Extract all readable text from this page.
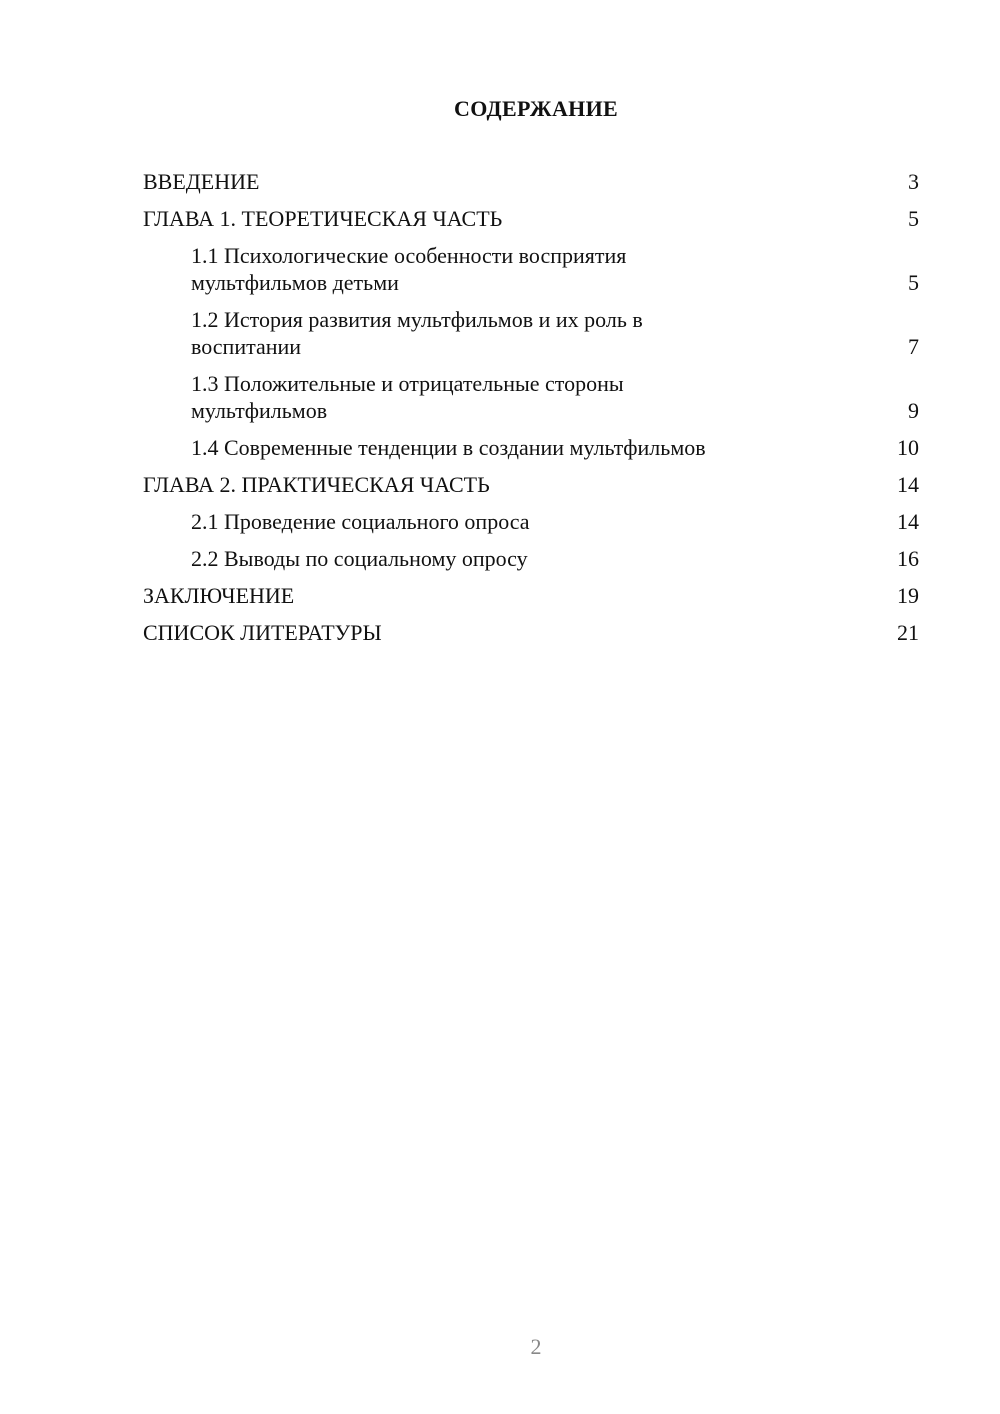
СОДЕРЖАНИЕ
ВВЕДЕНИЕ	3
ГЛАВА 1. ТЕОРЕТИЧЕСКАЯ ЧАСТЬ	5
1.1 Психологические особенности восприятия мультфильмов детьми	5
1.2 История развития мультфильмов и их роль в воспитании	7
1.3 Положительные и отрицательные стороны мультфильмов	9
1.4 Современные тенденции в создании мультфильмов	10
ГЛАВА 2. ПРАКТИЧЕСКАЯ ЧАСТЬ	14
2.1 Проведение социального опроса	14
2.2 Выводы по социальному опросу	16
ЗАКЛЮЧЕНИЕ	19
СПИСОК ЛИТЕРАТУРЫ	21
2
